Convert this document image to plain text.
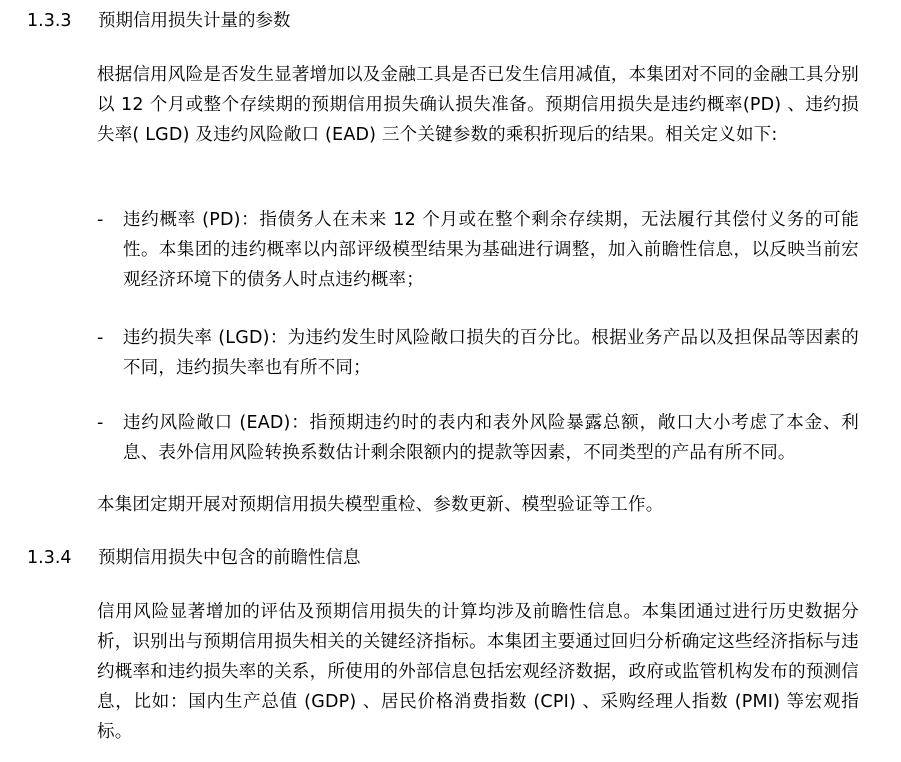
1.3.3 预期信用损失计量的参数

根据信用风险是否发生显著增加以及金融工具是否已发生信用减值，本集团对不同的金融工具分别以 12 个月或整个存续期的预期信用损失确认损失准备。预期信用损失是违约概率(PD) 、违约损失率( LGD) 及违约风险敞口 (EAD) 三个关键参数的乘积折现后的结果。相关定义如下:

- 违约概率 (PD)：指债务人在未来 12 个月或在整个剩余存续期，无法履行其偿付义务的可能性。本集团的违约概率以内部评级模型结果为基础进行调整，加入前瞻性信息，以反映当前宏观经济环境下的债务人时点违约概率；
- 违约损失率 (LGD)：为违约发生时风险敞口损失的百分比。根据业务产品以及担保品等因素的不同，违约损失率也有所不同；
- 违约风险敞口 (EAD)：指预期违约时的表内和表外风险暴露总额，敞口大小考虑了本金、利息、表外信用风险转换系数估计剩余限额内的提款等因素，不同类型的产品有所不同。

本集团定期开展对预期信用损失模型重检、参数更新、模型验证等工作。

1.3.4 预期信用损失中包含的前瞻性信息

信用风险显著增加的评估及预期信用损失的计算均涉及前瞻性信息。本集团通过进行历史数据分析，识别出与预期信用损失相关的关键经济指标。本集团主要通过回归分析确定这些经济指标与违约概率和违约损失率的关系，所使用的外部信息包括宏观经济数据，政府或监管机构发布的预测信息，比如：国内生产总值 (GDP) 、居民价格消费指数 (CPI) 、采购经理人指数 (PMI) 等宏观指标。
